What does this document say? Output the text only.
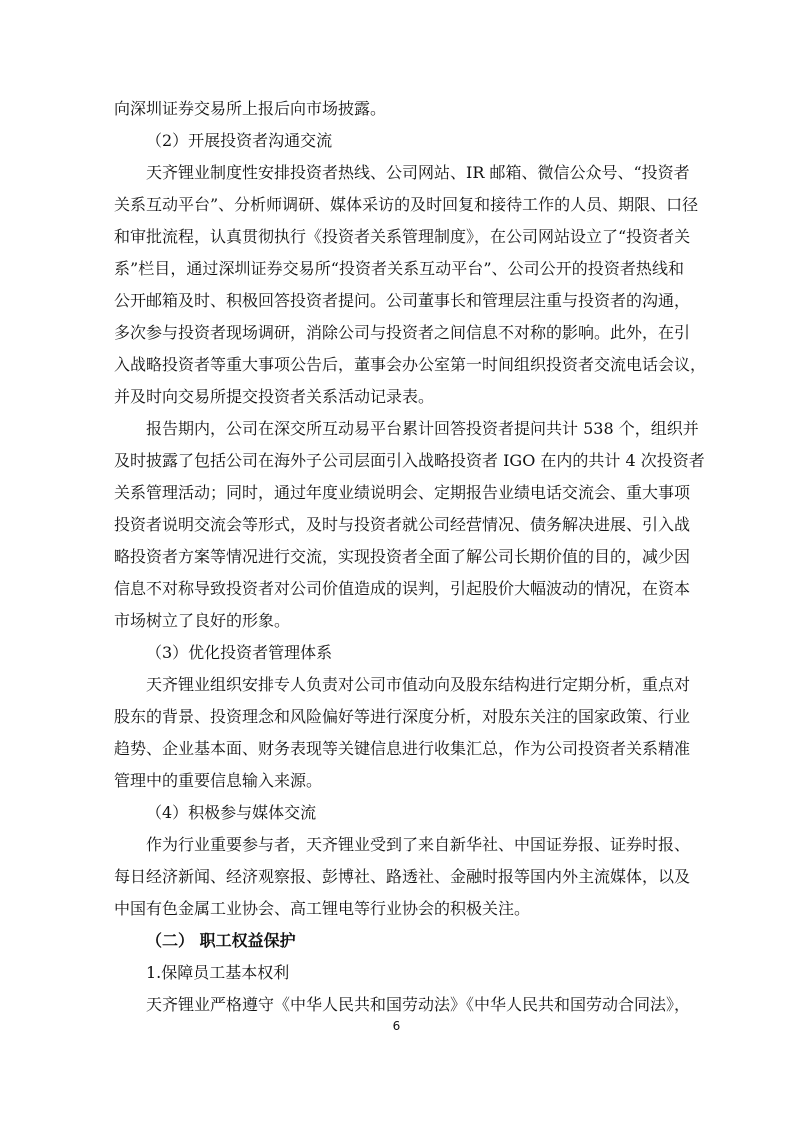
向深圳证券交易所上报后向市场披露。
（2）开展投资者沟通交流
天齐锂业制度性安排投资者热线、公司网站、IR 邮箱、微信公众号、“投资者
关系互动平台”、分析师调研、媒体采访的及时回复和接待工作的人员、期限、口径
和审批流程，认真贯彻执行《投资者关系管理制度》，在公司网站设立了“投资者关
系”栏目，通过深圳证券交易所“投资者关系互动平台”、公司公开的投资者热线和
公开邮箱及时、积极回答投资者提问。公司董事长和管理层注重与投资者的沟通，
多次参与投资者现场调研，消除公司与投资者之间信息不对称的影响。此外，在引
入战略投资者等重大事项公告后，董事会办公室第一时间组织投资者交流电话会议，
并及时向交易所提交投资者关系活动记录表。
报告期内，公司在深交所互动易平台累计回答投资者提问共计 538 个，组织并
及时披露了包括公司在海外子公司层面引入战略投资者 IGO 在内的共计 4 次投资者
关系管理活动；同时，通过年度业绩说明会、定期报告业绩电话交流会、重大事项
投资者说明交流会等形式，及时与投资者就公司经营情况、债务解决进展、引入战
略投资者方案等情况进行交流，实现投资者全面了解公司长期价值的目的，减少因
信息不对称导致投资者对公司价值造成的误判，引起股价大幅波动的情况，在资本
市场树立了良好的形象。
（3）优化投资者管理体系
天齐锂业组织安排专人负责对公司市值动向及股东结构进行定期分析，重点对
股东的背景、投资理念和风险偏好等进行深度分析，对股东关注的国家政策、行业
趋势、企业基本面、财务表现等关键信息进行收集汇总，作为公司投资者关系精准
管理中的重要信息输入来源。
（4）积极参与媒体交流
作为行业重要参与者，天齐锂业受到了来自新华社、中国证券报、证券时报、
每日经济新闻、经济观察报、彭博社、路透社、金融时报等国内外主流媒体，以及
中国有色金属工业协会、高工锂电等行业协会的积极关注。
（二） 职工权益保护
1.保障员工基本权利
天齐锂业严格遵守《中华人民共和国劳动法》《中华人民共和国劳动合同法》，
6
